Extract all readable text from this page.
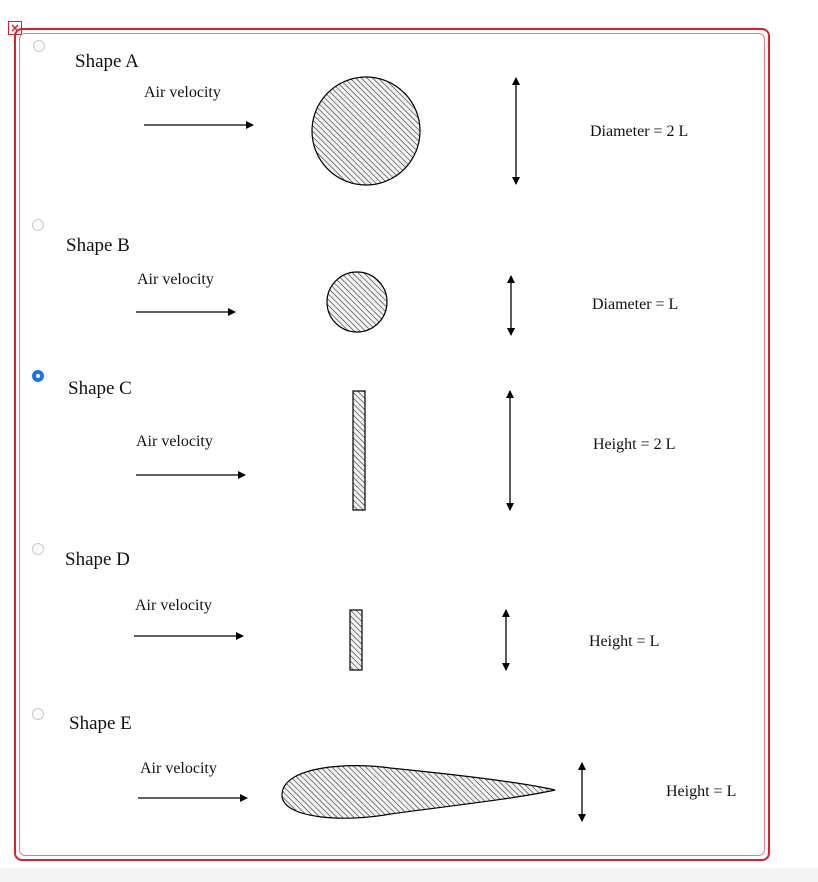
×
Shape A
Shape B
Shape C
Shape D
Shape E
Air velocity
Air velocity
Air velocity
Air velocity
Air velocity
Diameter = 2 L
Diameter = L
Height = 2 L
Height = L
Height = L
